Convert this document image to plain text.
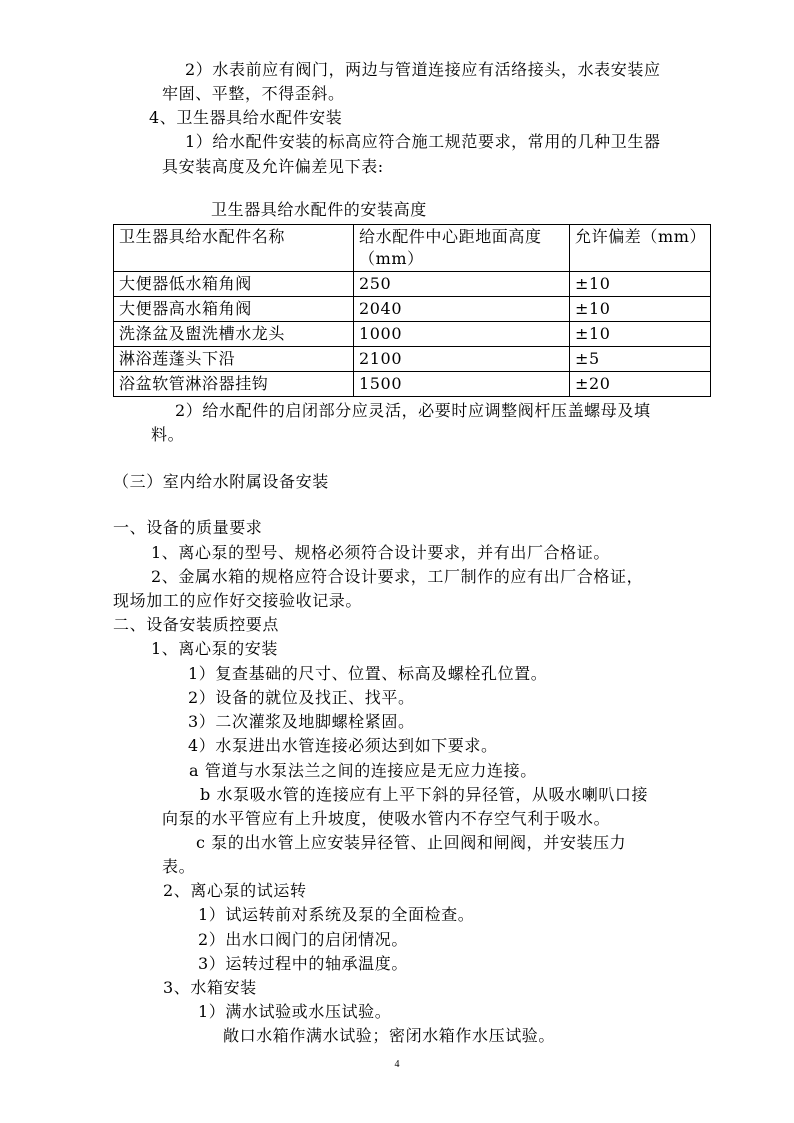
2）水表前应有阀门，两边与管道连接应有活络接头，水表安装应
牢固、平整，不得歪斜。
4、卫生器具给水配件安装
1）给水配件安装的标高应符合施工规范要求，常用的几种卫生器
具安装高度及允许偏差见下表:
卫生器具给水配件的安装高度
卫生器具给水配件名称	给水配件中心距地面高度（mm）	允许偏差（mm）
大便器低水箱角阀	250	±10
大便器高水箱角阀	2040	±10
洗涤盆及盥洗槽水龙头	1000	±10
淋浴莲蓬头下沿	2100	±5
浴盆软管淋浴器挂钩	1500	±20
2）给水配件的启闭部分应灵活，必要时应调整阀杆压盖螺母及填
料。
（三）室内给水附属设备安装
一、设备的质量要求
1、离心泵的型号、规格必须符合设计要求，并有出厂合格证。
2、金属水箱的规格应符合设计要求，工厂制作的应有出厂合格证，
现场加工的应作好交接验收记录。
二、设备安装质控要点
1、离心泵的安装
1）复查基础的尺寸、位置、标高及螺栓孔位置。
2）设备的就位及找正、找平。
3）二次灌浆及地脚螺栓紧固。
4）水泵进出水管连接必须达到如下要求。
a 管道与水泵法兰之间的连接应是无应力连接。
b 水泵吸水管的连接应有上平下斜的异径管，从吸水喇叭口接
向泵的水平管应有上升坡度，使吸水管内不存空气利于吸水。
c 泵的出水管上应安装异径管、止回阀和闸阀，并安装压力
表。
2、离心泵的试运转
1）试运转前对系统及泵的全面检查。
2）出水口阀门的启闭情况。
3）运转过程中的轴承温度。
3、水箱安装
1）满水试验或水压试验。
敞口水箱作满水试验；密闭水箱作水压试验。
4
